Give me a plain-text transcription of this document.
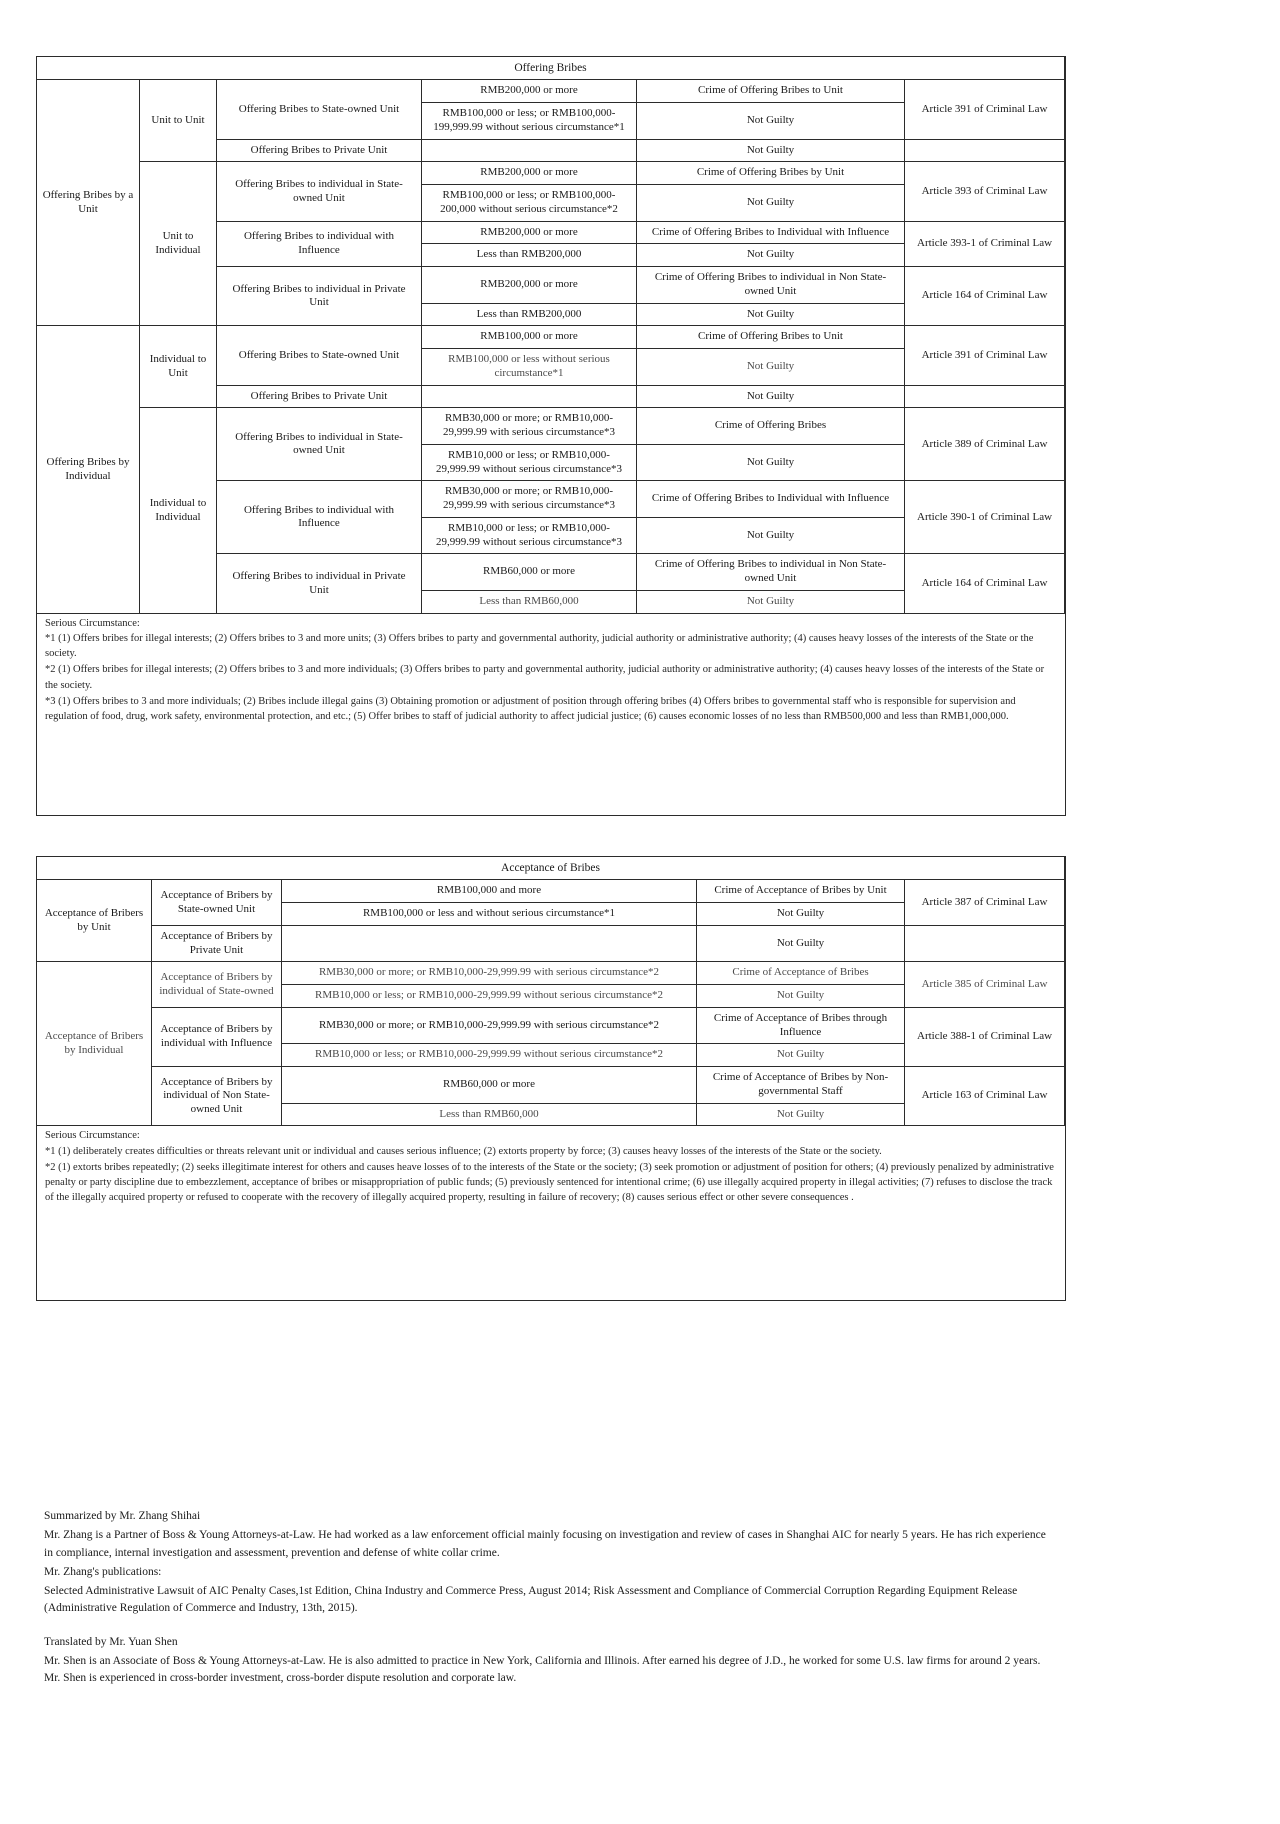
Offering Bribes					
Offering Bribes by a Unit	Unit to Unit	Offering Bribes to State-owned Unit	RMB200,000 or more	Crime of Offering Bribes to Unit	Article 391 of Criminal Law
			RMB100,000 or less; or RMB100,000-199,999.99 without serious circumstance*1	Not Guilty	
		Offering Bribes to Private Unit		Not Guilty	
	Unit to Individual	Offering Bribes to individual in State-owned Unit	RMB200,000 or more	Crime of Offering Bribes by Unit	Article 393 of Criminal Law
			RMB100,000 or less; or RMB100,000-200,000 without serious circumstance*2	Not Guilty	
		Offering Bribes to individual with Influence	RMB200,000 or more	Crime of Offering Bribes to Individual with Influence	Article 393-1 of Criminal Law
			Less than RMB200,000	Not Guilty	
		Offering Bribes to individual in Private Unit	RMB200,000 or more	Crime of Offering Bribes to individual in Non State-owned Unit	Article 164 of Criminal Law
			Less than RMB200,000	Not Guilty	
Offering Bribes by Individual	Individual to Unit	Offering Bribes to State-owned Unit	RMB100,000 or more	Crime of Offering Bribes to Unit	Article 391 of Criminal Law
			RMB100,000 or less without serious circumstance*1	Not Guilty	
		Offering Bribes to Private Unit		Not Guilty	
	Individual to Individual	Offering Bribes to individual in State-owned Unit	RMB30,000 or more; or RMB10,000-29,999.99 with serious circumstance*3	Crime of Offering Bribes	Article 389 of Criminal Law
			RMB10,000 or less; or RMB10,000-29,999.99 without serious circumstance*3	Not Guilty	
		Offering Bribes to individual with Influence	RMB30,000 or more; or RMB10,000-29,999.99 with serious circumstance*3	Crime of Offering Bribes to Individual with Influence	Article 390-1 of Criminal Law
			RMB10,000 or less; or RMB10,000-29,999.99 without serious circumstance*3	Not Guilty	
		Offering Bribes to individual in Private Unit	RMB60,000 or more	Crime of Offering Bribes to individual in Non State-owned Unit	Article 164 of Criminal Law
			Less than RMB60,000	Not Guilty	
Serious Circumstance:

*1 (1) Offers bribes for illegal interests; (2) Offers bribes to 3 and more units; (3) Offers bribes to party and governmental authority, judicial authority or administrative authority; (4) causes heavy losses of the interests of the State or the society.

*2 (1) Offers bribes for illegal interests; (2) Offers bribes to 3 and more individuals; (3) Offers bribes to party and governmental authority, judicial authority or administrative authority; (4) causes heavy losses of the interests of the State or the society.

*3 (1) Offers bribes to 3 and more individuals; (2) Bribes include illegal gains (3) Obtaining promotion or adjustment of position through offering bribes (4) Offers bribes to governmental staff who is responsible for supervision and regulation of food, drug, work safety, environmental protection, and etc.; (5) Offer bribes to staff of judicial authority to affect judicial justice; (6) causes economic losses of no less than RMB500,000 and less than RMB1,000,000.

Acceptance of Bribes				
Acceptance of Bribers by Unit	Acceptance of Bribers by State-owned Unit	RMB100,000 and more	Crime of Acceptance of Bribes by Unit	Article 387 of Criminal Law
		RMB100,000 or less and without serious circumstance*1	Not Guilty	
	Acceptance of Bribers by Private Unit		Not Guilty	
Acceptance of Bribers by Individual	Acceptance of Bribers by individual of State-owned	RMB30,000 or more; or RMB10,000-29,999.99 with serious circumstance*2	Crime of Acceptance of Bribes	Article 385 of Criminal Law
		RMB10,000 or less; or RMB10,000-29,999.99 without serious circumstance*2	Not Guilty	
	Acceptance of Bribers by individual with Influence	RMB30,000 or more; or RMB10,000-29,999.99 with serious circumstance*2	Crime of Acceptance of Bribes through Influence	Article 388-1 of Criminal Law
		RMB10,000 or less; or RMB10,000-29,999.99 without serious circumstance*2	Not Guilty	
	Acceptance of Bribers by individual of Non State-owned Unit	RMB60,000 or more	Crime of Acceptance of Bribes by Non-governmental Staff	Article 163 of Criminal Law
		Less than RMB60,000	Not Guilty	
Serious Circumstance:

*1 (1) deliberately creates difficulties or threats relevant unit or individual and causes serious influence; (2) extorts property by force; (3) causes heavy losses of the interests of the State or the society.

*2 (1) extorts bribes repeatedly; (2) seeks illegitimate interest for others and causes heave losses of to the interests of the State or the society; (3) seek promotion or adjustment of position for others; (4) previously penalized by administrative penalty or party discipline due to embezzlement, acceptance of bribes or misappropriation of public funds; (5) previously sentenced for intentional crime; (6) use illegally acquired property in illegal activities; (7) refuses to disclose the track of the illegally acquired property or refused to cooperate with the recovery of illegally acquired property, resulting in failure of recovery; (8) causes serious effect or other severe consequences .

Summarized by Mr. Zhang Shihai

Mr. Zhang is a Partner of Boss & Young Attorneys-at-Law. He had worked as a law enforcement official mainly focusing on investigation and review of cases in Shanghai AIC for nearly 5 years. He has rich experience in compliance, internal investigation and assessment, prevention and defense of white collar crime.

Mr. Zhang's publications:

Selected Administrative Lawsuit of AIC Penalty Cases,1st Edition, China Industry and Commerce Press, August 2014; Risk Assessment and Compliance of Commercial Corruption Regarding Equipment Release (Administrative Regulation of Commerce and Industry, 13th, 2015).

Translated by Mr. Yuan Shen

Mr. Shen is an Associate of Boss & Young Attorneys-at-Law. He is also admitted to practice in New York, California and Illinois. After earned his degree of J.D., he worked for some U.S. law firms for around 2 years. Mr. Shen is experienced in cross-border investment, cross-border dispute resolution and corporate law.
